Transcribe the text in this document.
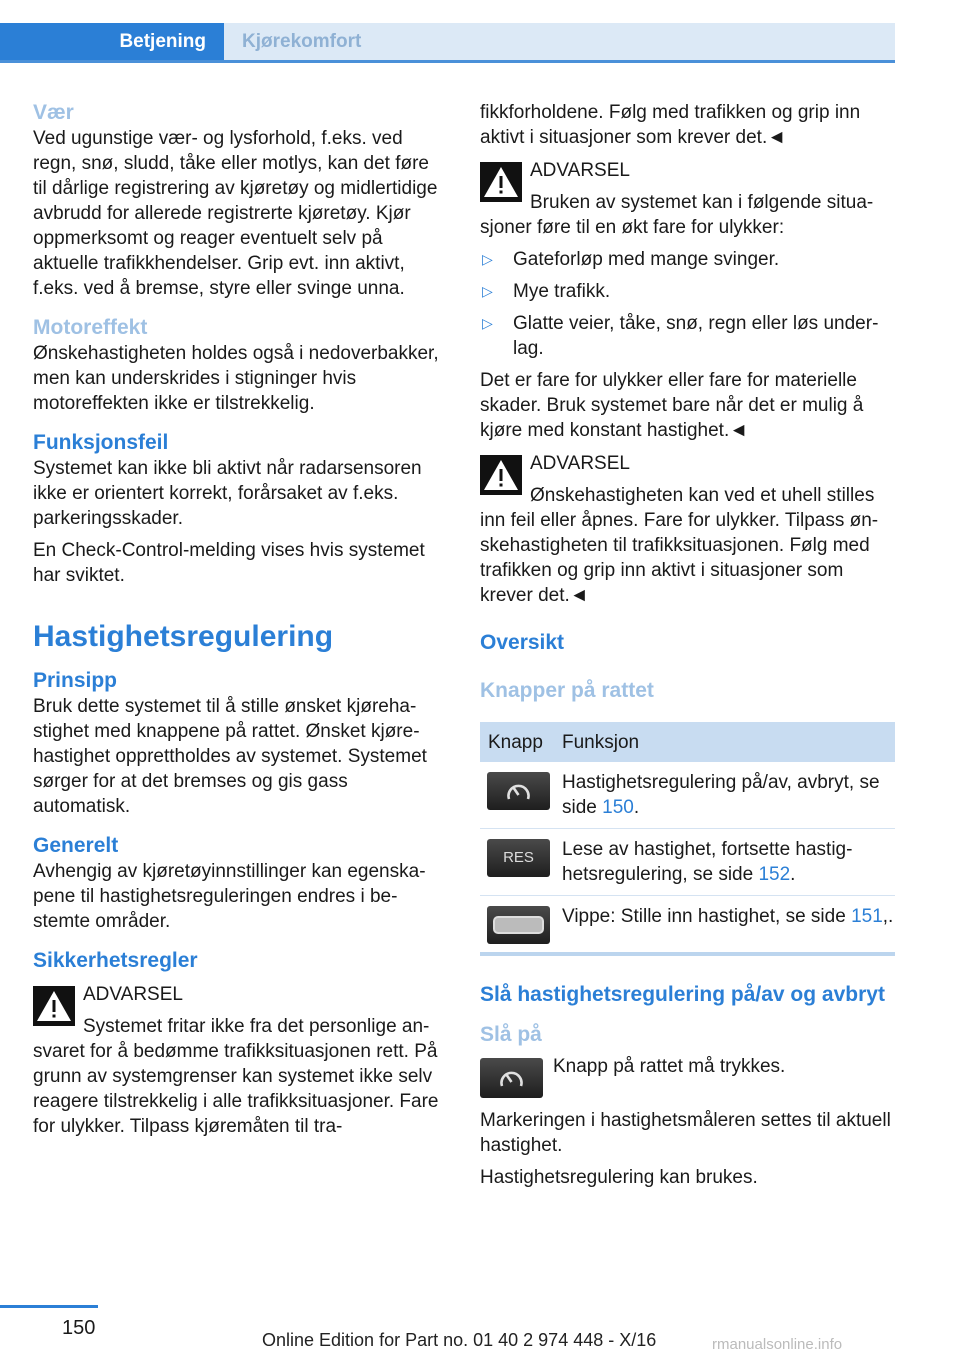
Betjening	Kjørekomfort
Vær

Ved ugunstige vær- og lysforhold, f.eks. ved regn, snø, sludd, tåke eller motlys, kan det føre til dårlige registrering av kjøretøy og midlertidige avbrudd for allerede registrerte kjøretøy. Kjør oppmerksomt og reager eventuelt selv på aktuelle trafikkhendelser. Grip evt. inn aktivt, f.eks. ved å bremse, styre eller svinge unna.

Motoreffekt

Ønskehastigheten holdes også i nedoverbakker, men kan underskrides i stigninger hvis motoreffekten ikke er tilstrekkelig.

Funksjonsfeil

Systemet kan ikke bli aktivt når radarsensoren ikke er orientert korrekt, forårsaket av f.eks. parkeringsskader.

En Check-Control-melding vises hvis systemet har sviktet.

Hastighetsregulering
Prinsipp

Bruk dette systemet til å stille ønsket kjørehastighet med knappene på rattet. Ønsket kjørehastighet opprettholdes av systemet. Systemet sørger for at det bremses og gis gass automatisk.

Generelt

Avhengig av kjøretøyinnstillinger kan egenskapene til hastighetsreguleringen endres i bestemte områder.

Sikkerhetsregler
ADVARSEL
Systemet fritar ikke fra det personlige ansvaret for å bedømme trafikksituasjonen rett. På grunn av systemgrenser kan systemet ikke selv reagere tilstrekkelig i alle trafikksituasjoner. Fare for ulykker. Tilpass kjøremåten til tra-

fikkforholdene. Følg med trafikken og grip inn aktivt i situasjoner som krever det.◄

ADVARSEL
Bruken av systemet kan i følgende situasjoner føre til en økt fare for ulykker:
▷ Gateforløp med mange svinger.
▷ Mye trafikk.
▷ Glatte veier, tåke, snø, regn eller løs underlag.

Det er fare for ulykker eller fare for materielle skader. Bruk systemet bare når det er mulig å kjøre med konstant hastighet.◄

ADVARSEL
Ønskehastigheten kan ved et uhell stilles inn feil eller åpnes. Fare for ulykker. Tilpass ønskehastigheten til trafikksituasjonen. Følg med trafikken og grip inn aktivt i situasjoner som krever det.◄
Oversikt
Knapper på rattet
Knapp	Funksjon

	Hastighetsregulering på/av, avbryt, se side 150.

RES	Lese av hastighet, fortsette hastighetsregulering, se side 152.

	Vippe: Stille inn hastighet, se side 151,.
Slå hastighetsregulering på/av og avbryt
Slå på
Knapp på rattet må trykkes.

Markeringen i hastighetsmåleren settes til aktuell hastighet.

Hastighetsregulering kan brukes.

150
Online Edition for Part no. 01 40 2 974 448 - X/16	rmanualsonline.info
